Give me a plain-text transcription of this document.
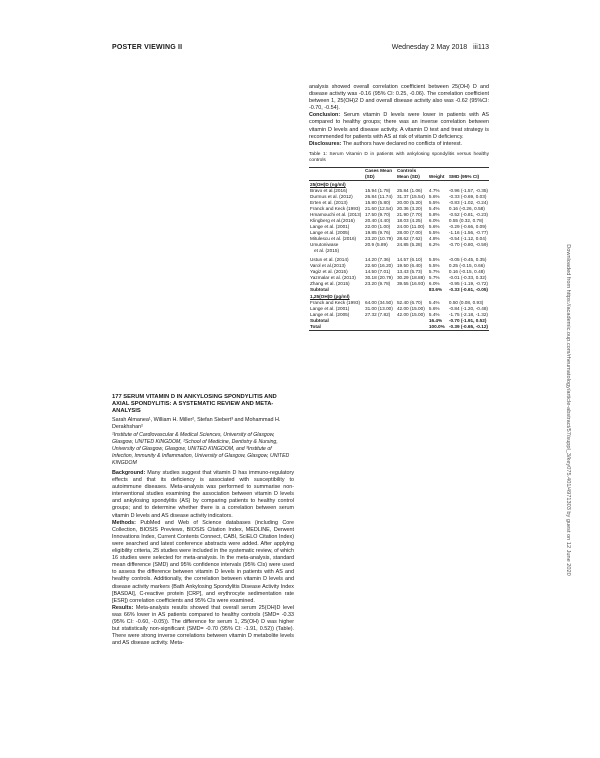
POSTER VIEWING II	Wednesday 2 May 2018 iii113
Downloaded from https://academic.oup.com/rheumatology/article-abstract/57/suppl_3/key075.401/4971303 by guest on 12 June 2020

analysis showed overall correlation coefficient between 25(OH) D and disease activity was -0.16 (95% CI: 0.25, -0.06). The correlation coefficient between 1, 25(OH)2 D and overall disease activity also was -0.62 (95%CI: -0.70, -0.54).

Conclusion: Serum vitamin D levels were lower in patients with AS compared to healthy groups; there was an inverse correlation between vitamin D levels and disease activity. A vitamin D test and treat strategy is recommended for patients with AS at risk of vitamin D deficiency.

Disclosures: The authors have declared no conflicts of interest.

Table 1: Serum Vitamin D in patients with ankylosing spondylitis versus healthy controls
	Cases Mean (SD)	Controls Mean (SD)	Weight	SMD (95% CI)
25(OH)D (ng/ml)				
Bravo et al.(2016)	15.94 (1.78)	25.84 (1.06)	4.7%	-0.96 (-1.57, -0.35)
Durmus et al. (2012)	26.84 (11.74)	31.37 (15.54)	5.6%	-0.33 (-0.69, 0.03)
Erten et al. (2013)	15.80 (5.80)	20.00 (5.20)	5.5%	-0.83 (-1.02, -0.24)
Franck and Keck (1993)	21.60 (12.54)	20.36 (3.20)	5.4%	0.16 (-0.26, 0.58)
Hmamouchi et al. (2013)	17.50 (9.70)	21.90 (7.70)	5.8%	-0.52 (-0.81, -0.23)
Klingberg et al.(2016)	20.40 (4.40)	18.03 (4.25)	6.0%	0.55 (0.32, 0.78)
Lange et al. (2001)	22.00 (1.00)	24.00 (11.00)	5.6%	-0.29 (-0.66, 0.09)
Lange et al. (2005)	19.85 (9.76)	28.00 (7.00)	5.5%	-1.16 (-1.56, -0.77)
Mitulescu et al. (2016)	23.20 (10.79)	28.62 (7.62)	4.8%	-0.54 (-1.12, 0.04)
Umutoniwase	20.9 (5.89)	24.85 (5.28)	6.2%	-0.70 (-0.80, -0.59)
et al. (2015)				

Ustun et al. (2014)	14.20 (7.36)	14.57 (6.10)	5.5%	-0.05 (-0.45, 0.35)
Varol et al.(2013)	22.60 (16.20)	19.50 (6.40)	5.5%	0.25 (-0.15, 0.66)
Yagiz et al. (2015)	14.50 (7.01)	13.43 (5.73)	5.7%	0.16 (-0.15, 0.48)
Yazmalar et al. (2013)	30.18 (20.79)	30.29 (18.88)	5.7%	-0.01 (-0.33, 0.32)
Zhang et al. (2015)	23.20 (9.78)	39.55 (16.93)	6.0%	-0.95 (-1.19, -0.72)
Subtotal			83.6%	-0.33 (-0.61, -0.05)
1,25(OH)D (pg/ml)				
Franck and Keck (1993)	64.00 (34.50)	52.40 (6.70)	5.4%	0.50 (0.08, 0.93)
Lange et al. (2001)	31.00 (13.00)	42.00 (15.00)	5.6%	-0.84 (-1.20, -0.48)
Lange et al. (2005)	27.32 (7.82)	42.00 (15.00)	5.4%	-1.75 (-2.18, -1.32)
Subtotal			16.4%	-0.70 (-1.91, 0.52)
Total			100.0%	-0.39 (-0.65, -0.12)
177 SERUM VITAMIN D IN ANKYLOSING SPONDYLITIS AND AXIAL SPONDYLITIS: A SYSTEMATIC REVIEW AND META-ANALYSIS
Sarah Almanea¹, William H. Miller², Stefan Siebert³ and Mohammad H. Derakhshan²
¹Institute of Cardiovascular & Medical Sciences, University of Glasgow, Glasgow, UNITED KINGDOM, ²School of Medicine, Dentistry & Nursing, University of Glasgow, Glasgow, UNITED KINGDOM, and ³Institute of Infection, Immunity & Inflammation, University of Glasgow, Glasgow, UNITED KINGDOM

Background: Many studies suggest that vitamin D has immuno-regulatory effects and that its deficiency is associated with susceptibility to autoimmune diseases. Meta-analysis was performed to summarise non-interventional studies examining the association between vitamin D levels and ankylosing spondylitis (AS) by comparing patients to healthy control groups; and to determine whether there is a correlation between serum vitamin D levels and AS disease activity indicators.

Methods: PubMed and Web of Science databases (including Core Collection, BIOSIS Previews, BIOSIS Citation Index, MEDLINE, Derwent Innovations Index, Current Contents Connect, CABI, SciELO Citation Index) were searched and latest conference abstracts were added. After applying eligibility criteria, 25 studies were included in the systematic review, of which 16 studies were selected for meta-analysis. In the meta-analysis, standard mean difference (SMD) and 95% confidence intervals (95% CIs) were used to assess the difference between vitamin D levels in patients with AS and healthy controls. Additionally, the correlation between vitamin D levels and disease activity markers (Bath Ankylosing Spondylitis Disease Activity Index [BASDAI], C-reactive protein [CRP], and erythrocyte sedimentation rate [ESR]) correlation coefficients and 95% CIs were examined.

Results: Meta-analysis results showed that overall serum 25(OH)D level was 66% lower in AS patients compared to healthy controls (SMD= -0.33 (95% CI: -0.60, -0.05)). The difference for serum 1, 25(OH) D was higher but statistically non-significant (SMD= -0.70 (95% CI: -1.91, 0.52)) (Table). There were strong inverse correlations between vitamin D metabolite levels and AS disease activity. Meta-
